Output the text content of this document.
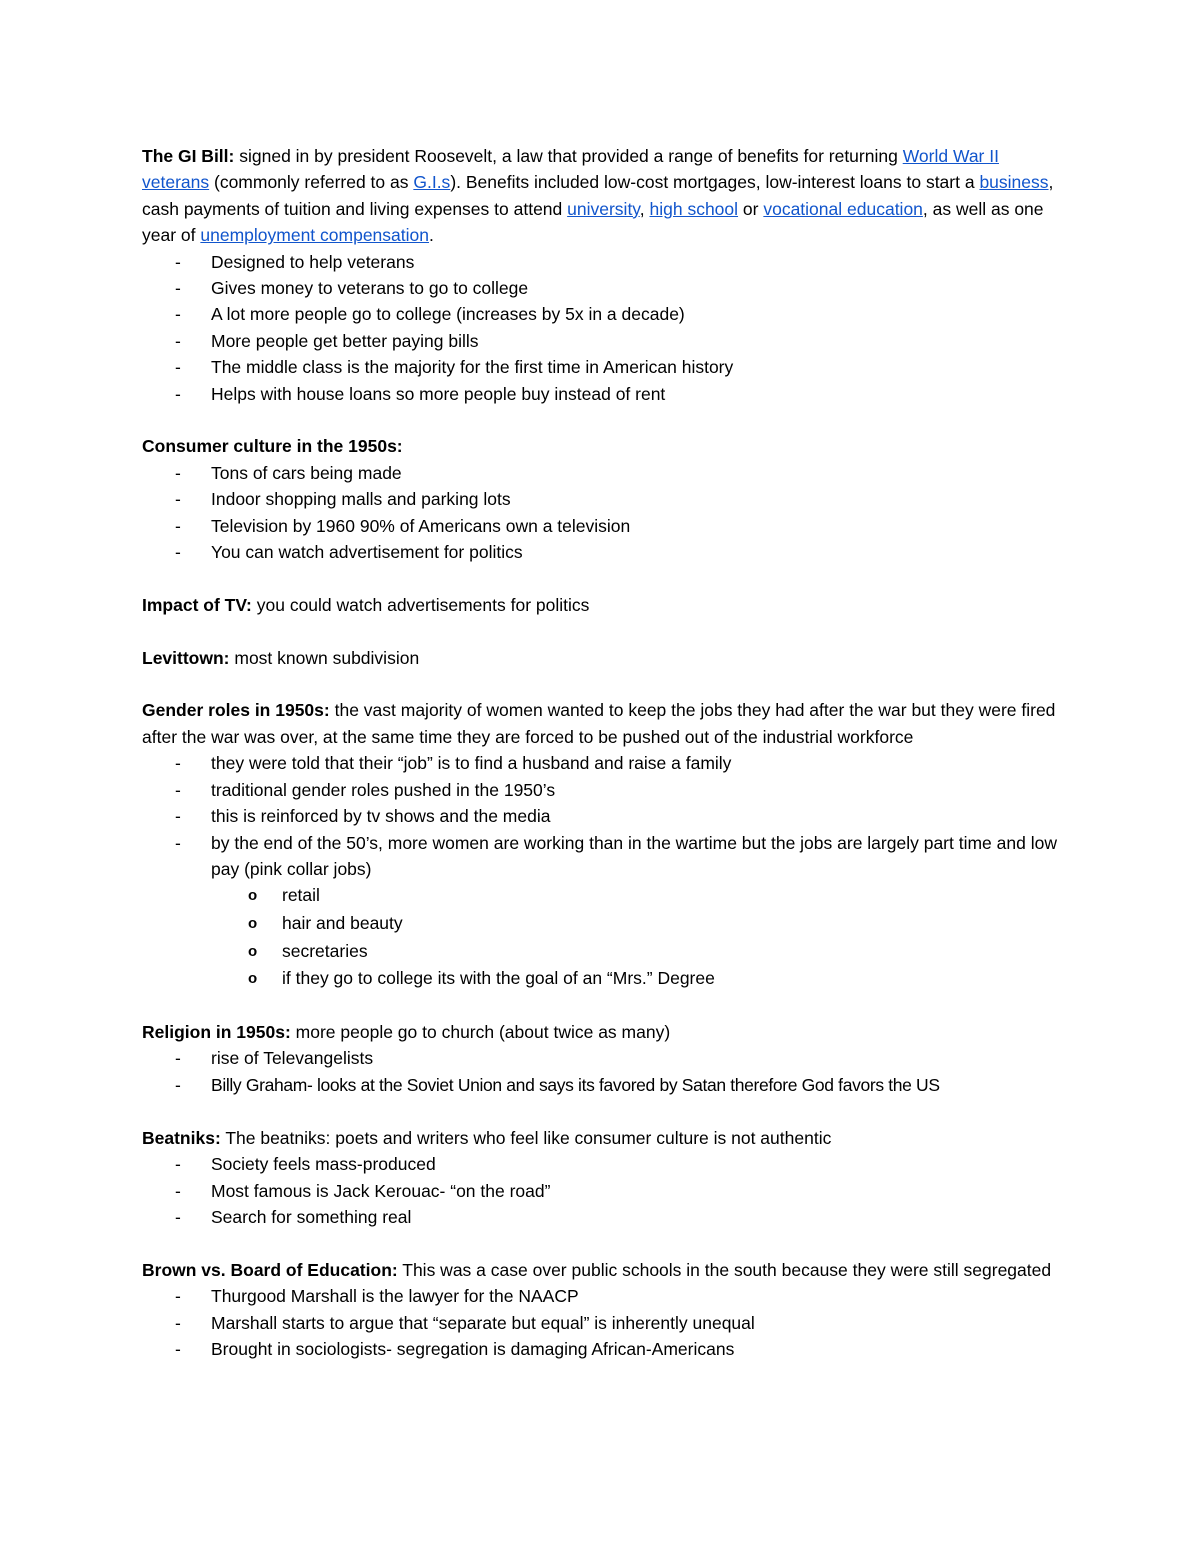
The GI Bill: signed in by president Roosevelt, a law that provided a range of benefits for returning World War II veterans (commonly referred to as G.I.s). Benefits included low-cost mortgages, low-interest loans to start a business, cash payments of tuition and living expenses to attend university, high school or vocational education, as well as one year of unemployment compensation.

- Designed to help veterans
- Gives money to veterans to go to college
- A lot more people go to college (increases by 5x in a decade)
- More people get better paying bills
- The middle class is the majority for the first time in American history
- Helps with house loans so more people buy instead of rent

Consumer culture in the 1950s:

- Tons of cars being made
- Indoor shopping malls and parking lots
- Television by 1960 90% of Americans own a television
- You can watch advertisement for politics

Impact of TV: you could watch advertisements for politics

Levittown: most known subdivision

Gender roles in 1950s: the vast majority of women wanted to keep the jobs they had after the war but they were fired after the war was over, at the same time they are forced to be pushed out of the industrial workforce

- they were told that their “job” is to find a husband and raise a family
- traditional gender roles pushed in the 1950’s
- this is reinforced by tv shows and the media
- by the end of the 50’s, more women are working than in the wartime but the jobs are largely part time and low pay (pink collar jobs)
o retail
o hair and beauty
o secretaries
o if they go to college its with the goal of an “Mrs.” Degree

Religion in 1950s: more people go to church (about twice as many)

- rise of Televangelists
- Billy Graham- looks at the Soviet Union and says its favored by Satan therefore God favors the US

Beatniks: The beatniks: poets and writers who feel like consumer culture is not authentic

- Society feels mass-produced
- Most famous is Jack Kerouac- “on the road”
- Search for something real

Brown vs. Board of Education: This was a case over public schools in the south because they were still segregated

- Thurgood Marshall is the lawyer for the NAACP
- Marshall starts to argue that “separate but equal” is inherently unequal
- Brought in sociologists- segregation is damaging African-Americans
